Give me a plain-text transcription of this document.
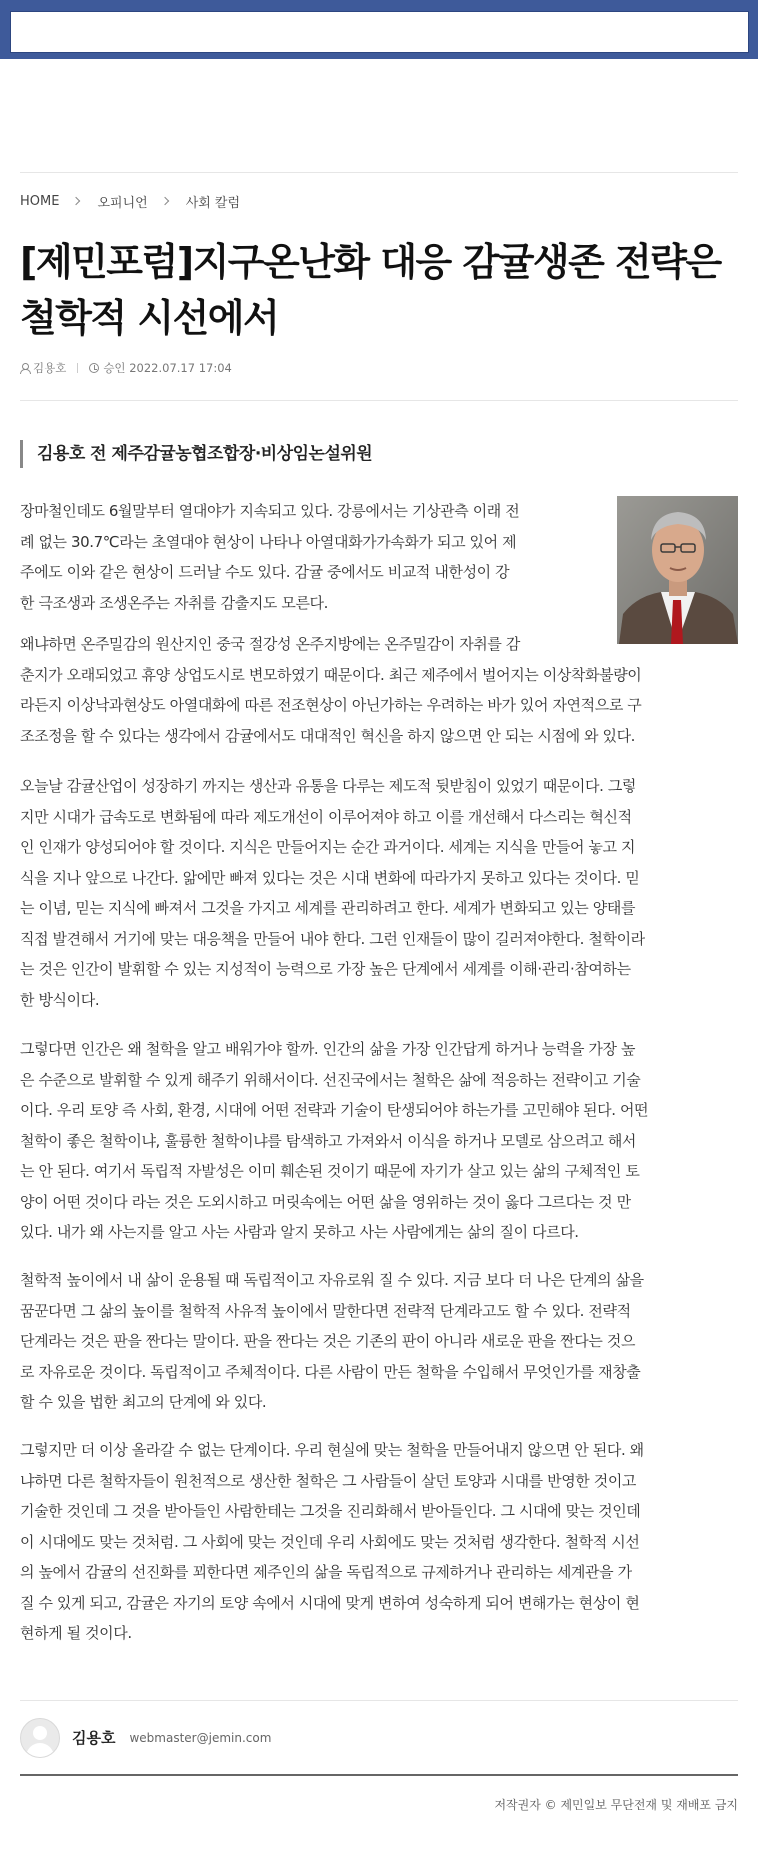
HOME	오피니언	사회 칼럼
[제민포럼]지구온난화 대응 감귤생존 전략은
철학적 시선에서
김용호	승인
2022.07.17 17:04
김용호 전 제주감귤농협조합장·비상임논설위원
장마철인데도 6월말부터 열대야가 지속되고 있다. 강릉에서는 기상관측 이래 전
례 없는 30.7℃라는 초열대야 현상이 나타나 아열대화가가속화가 되고 있어 제
주에도 이와 같은 현상이 드러날 수도 있다. 감귤 중에서도 비교적 내한성이 강
한 극조생과 조생온주는 자취를 감출지도 모른다.
왜냐하면 온주밀감의 원산지인 중국 절강성 온주지방에는 온주밀감이 자취를 감
춘지가 오래되었고 휴양 상업도시로 변모하였기 때문이다. 최근 제주에서 벌어지는 이상착화불량이
라든지 이상낙과현상도 아열대화에 따른 전조현상이 아닌가하는 우려하는 바가 있어 자연적으로 구
조조정을 할 수 있다는 생각에서 감귤에서도 대대적인 혁신을 하지 않으면 안 되는 시점에 와 있다.
오늘날 감귤산업이 성장하기 까지는 생산과 유통을 다루는 제도적 뒷받침이 있었기 때문이다. 그렇
지만 시대가 급속도로 변화됨에 따라 제도개선이 이루어져야 하고 이를 개선해서 다스리는 혁신적
인 인재가 양성되어야 할 것이다. 지식은 만들어지는 순간 과거이다. 세계는 지식을 만들어 놓고 지
식을 지나 앞으로 나간다. 앎에만 빠져 있다는 것은 시대 변화에 따라가지 못하고 있다는 것이다. 믿
는 이념, 믿는 지식에 빠져서 그것을 가지고 세계를 관리하려고 한다. 세계가 변화되고 있는 양태를
직접 발견해서 거기에 맞는 대응책을 만들어 내야 한다. 그런 인재들이 많이 길러져야한다. 철학이라
는 것은 인간이 발휘할 수 있는 지성적이 능력으로 가장 높은 단계에서 세계를 이해·관리·참여하는
한 방식이다.
그렇다면 인간은 왜 철학을 알고 배워가야 할까. 인간의 삶을 가장 인간답게 하거나 능력을 가장 높
은 수준으로 발휘할 수 있게 해주기 위해서이다. 선진국에서는 철학은 삶에 적응하는 전략이고 기술
이다. 우리 토양 즉 사회, 환경, 시대에 어떤 전략과 기술이 탄생되어야 하는가를 고민해야 된다. 어떤
철학이 좋은 철학이냐, 훌륭한 철학이냐를 탐색하고 가져와서 이식을 하거나 모델로 삼으려고 해서
는 안 된다. 여기서 독립적 자발성은 이미 훼손된 것이기 때문에 자기가 살고 있는 삶의 구체적인 토
양이 어떤 것이다 라는 것은 도외시하고 머릿속에는 어떤 삶을 영위하는 것이 옳다 그르다는 것 만
있다. 내가 왜 사는지를 알고 사는 사람과 알지 못하고 사는 사람에게는 삶의 질이 다르다.
철학적 높이에서 내 삶이 운용될 때 독립적이고 자유로워 질 수 있다. 지금 보다 더 나은 단계의 삶을
꿈꾼다면 그 삶의 높이를 철학적 사유적 높이에서 말한다면 전략적 단계라고도 할 수 있다. 전략적
단계라는 것은 판을 짠다는 말이다. 판을 짠다는 것은 기존의 판이 아니라 새로운 판을 짠다는 것으
로 자유로운 것이다. 독립적이고 주체적이다. 다른 사람이 만든 철학을 수입해서 무엇인가를 재창출
할 수 있을 법한 최고의 단계에 와 있다.
그렇지만 더 이상 올라갈 수 없는 단계이다. 우리 현실에 맞는 철학을 만들어내지 않으면 안 된다. 왜
냐하면 다른 철학자들이 원천적으로 생산한 철학은 그 사람들이 살던 토양과 시대를 반영한 것이고
기술한 것인데 그 것을 받아들인 사람한테는 그것을 진리화해서 받아들인다. 그 시대에 맞는 것인데
이 시대에도 맞는 것처럼. 그 사회에 맞는 것인데 우리 사회에도 맞는 것처럼 생각한다. 철학적 시선
의 높에서 감귤의 선진화를 꾀한다면 제주인의 삶을 독립적으로 규제하거나 관리하는 세계관을 가
질 수 있게 되고, 감귤은 자기의 토양 속에서 시대에 맞게 변하여 성숙하게 되어 변해가는 현상이 현
현하게 될 것이다.
김용호 webmaster@jemin.com
저작권자 © 제민일보 무단전재 및 재배포 금지
